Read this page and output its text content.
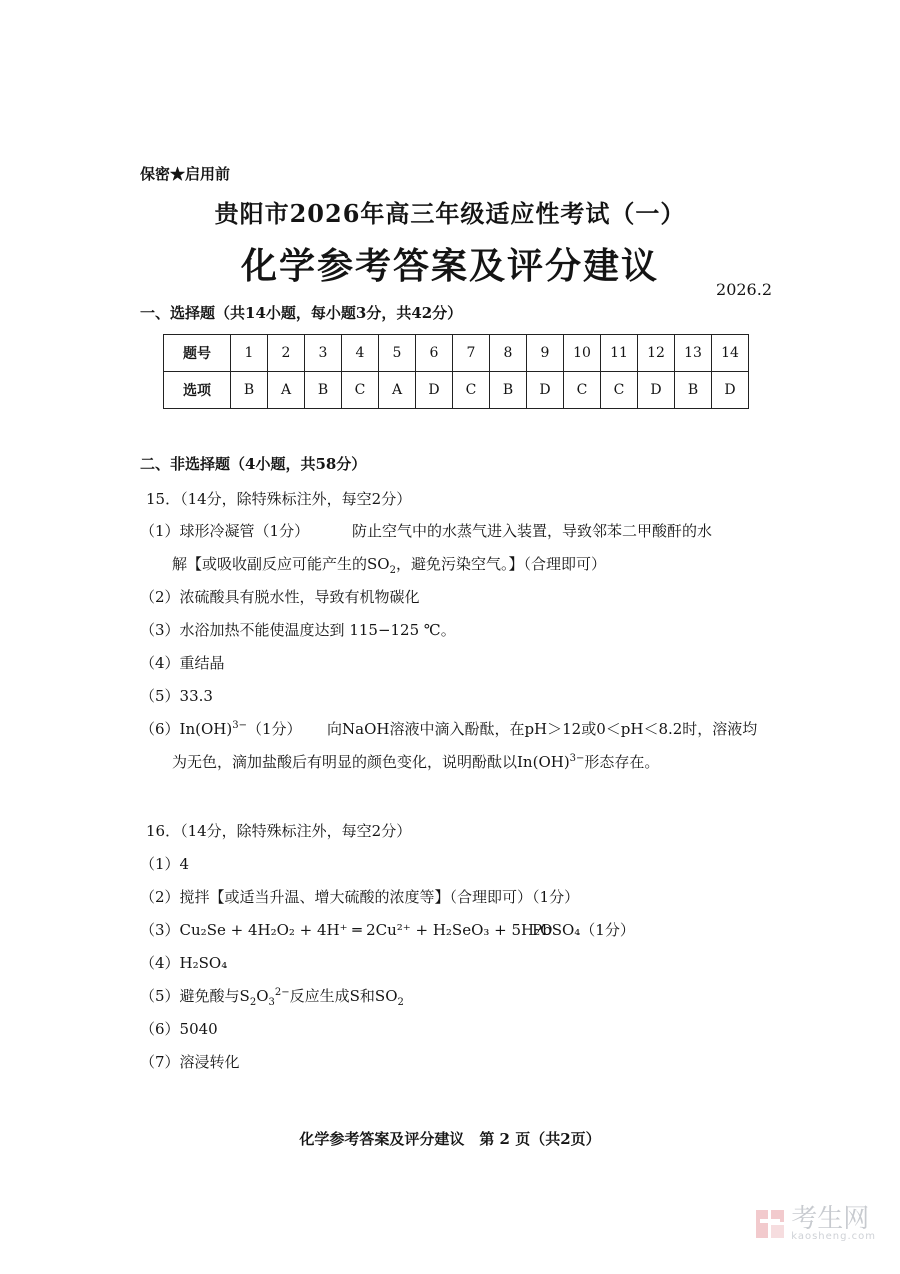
保密★启用前
贵阳市2026年高三年级适应性考试（一）
化学参考答案及评分建议
2026.2
一、选择题（共14小题，每小题3分，共42分）
题号	1	2	3	4	5	6	7	8	9	10	11	12	13	14
选项	B	A	B	C	A	D	C	B	D	C	C	D	B	D
二、非选择题（4小题，共58分）
15．（14分，除特殊标注外，每空2分）
（1）球形冷凝管（1分）	防止空气中的水蒸气进入装置，导致邻苯二甲酸酐的水
解【或吸收副反应可能产生的$SO_2$，避免污染空气。】（合理即可）
（2）浓硫酸具有脱水性，导致有机物碳化
（3）水浴加热不能使温度达到 115−125 ℃。
（4）重结晶
（5）33.3
（6）In(OH)$^{3-}$（1分） 向NaOH溶液中滴入酚酞，在pH＞12或0＜pH＜8.2时，溶液均
为无色，滴加盐酸后有明显的颜色变化，说明酚酞以In(OH)$^{3-}$形态存在。
16．（14分，除特殊标注外，每空2分）
（1）4
（2）搅拌【或适当升温、增大硫酸的浓度等】（合理即可）（1分）
（3）Cu₂Se + 4H₂O₂ + 4H⁺ ═ 2Cu²⁺ + H₂SeO₃ + 5H₂O
PbSO₄（1分）
（4）H₂SO₄
（5）避免酸与$S_2O_3^{2-}$反应生成S和$SO_2$
（6）5040
（7）溶浸转化
化学参考答案及评分建议　第 2 页（共2页）
考生网
kaosheng.com
